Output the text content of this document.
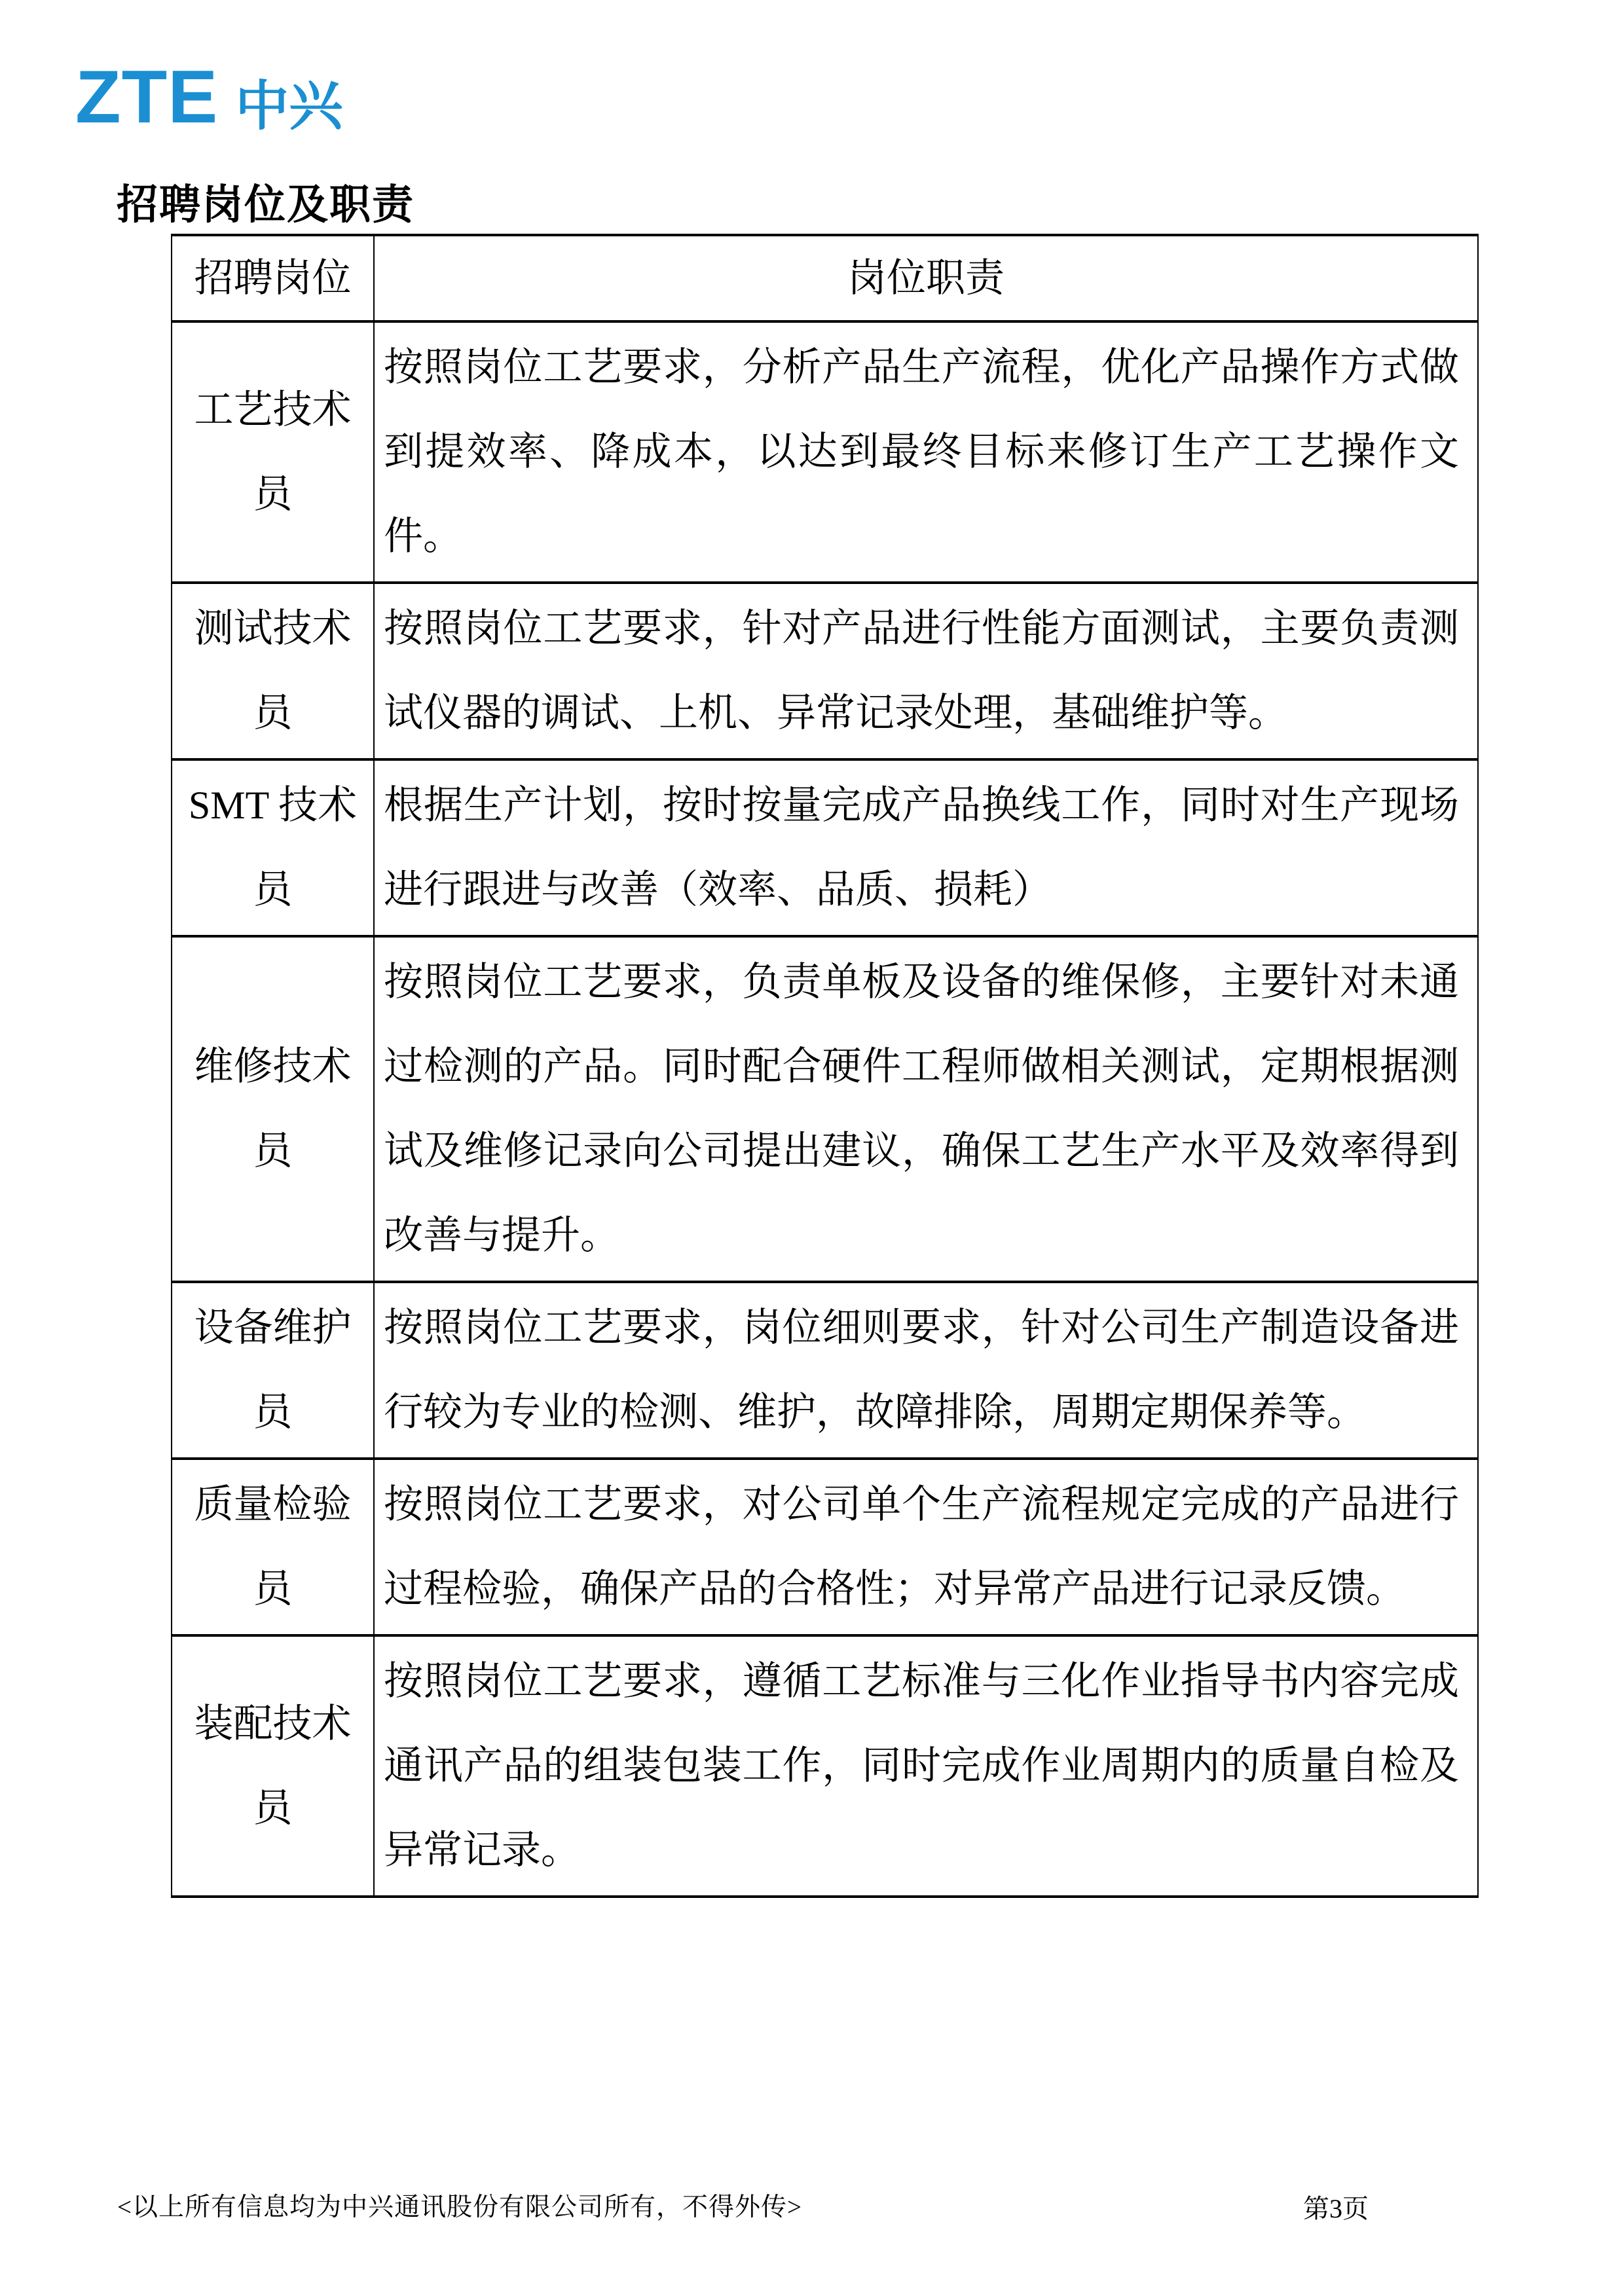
ZTE 中兴
招聘岗位及职责
招聘岗位	岗位职责
工艺技术员	按照岗位工艺要求，分析产品生产流程，优化产品操作方式做到提效率、降成本，以达到最终目标来修订生产工艺操作文件。
测试技术员	按照岗位工艺要求，针对产品进行性能方面测试，主要负责测试仪器的调试、上机、异常记录处理，基础维护等。
SMT 技术员	根据生产计划，按时按量完成产品换线工作，同时对生产现场进行跟进与改善（效率、品质、损耗）
维修技术员	按照岗位工艺要求，负责单板及设备的维保修，主要针对未通过检测的产品。同时配合硬件工程师做相关测试，定期根据测试及维修记录向公司提出建议，确保工艺生产水平及效率得到改善与提升。
设备维护员	按照岗位工艺要求，岗位细则要求，针对公司生产制造设备进行较为专业的检测、维护，故障排除，周期定期保养等。
质量检验员	按照岗位工艺要求，对公司单个生产流程规定完成的产品进行过程检验，确保产品的合格性；对异常产品进行记录反馈。
装配技术员	按照岗位工艺要求，遵循工艺标准与三化作业指导书内容完成通讯产品的组装包装工作，同时完成作业周期内的质量自检及异常记录。
<以上所有信息均为中兴通讯股份有限公司所有，不得外传>	第3页
